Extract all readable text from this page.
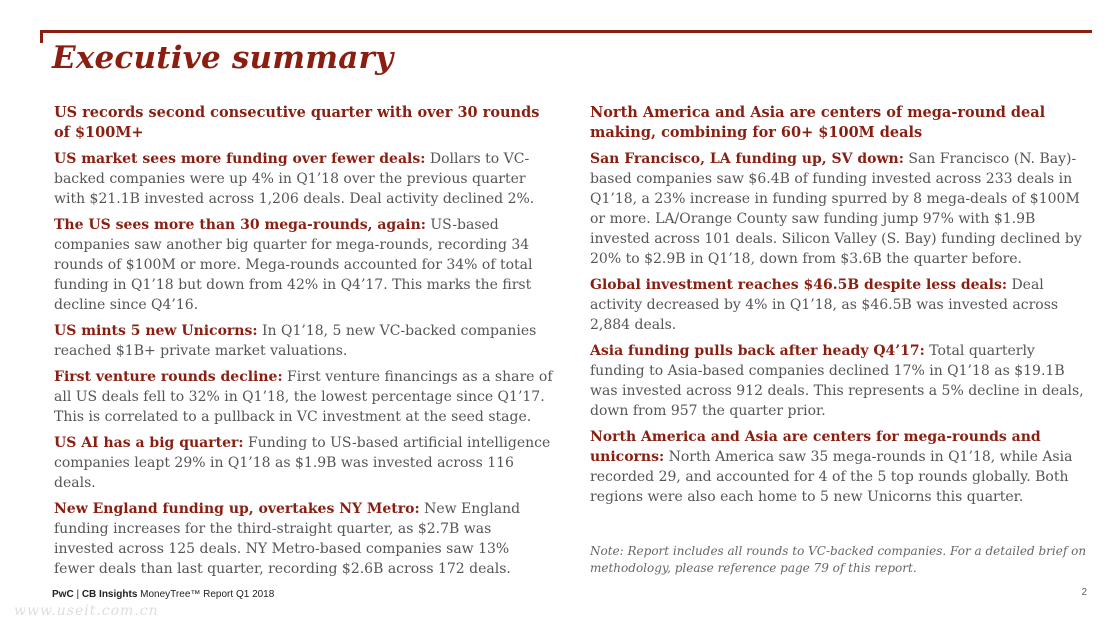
Executive summary
US records second consecutive quarter with over 30 rounds of $100M+
US market sees more funding over fewer deals: Dollars to VC-backed companies were up 4% in Q1’18 over the previous quarter with $21.1B invested across 1,206 deals. Deal activity declined 2%.
The US sees more than 30 mega-rounds, again: US-based companies saw another big quarter for mega-rounds, recording 34 rounds of $100M or more. Mega-rounds accounted for 34% of total funding in Q1’18 but down from 42% in Q4’17. This marks the first decline since Q4’16.
US mints 5 new Unicorns: In Q1’18, 5 new VC-backed companies reached $1B+ private market valuations.
First venture rounds decline: First venture financings as a share of all US deals fell to 32% in Q1’18, the lowest percentage since Q1’17. This is correlated to a pullback in VC investment at the seed stage.
US AI has a big quarter: Funding to US-based artificial intelligence companies leapt 29% in Q1’18 as $1.9B was invested across 116 deals.
New England funding up, overtakes NY Metro: New England funding increases for the third-straight quarter, as $2.7B was invested across 125 deals. NY Metro-based companies saw 13% fewer deals than last quarter, recording $2.6B across 172 deals.
North America and Asia are centers of mega-round deal making, combining for 60+ $100M deals
San Francisco, LA funding up, SV down: San Francisco (N. Bay)-based companies saw $6.4B of funding invested across 233 deals in Q1’18, a 23% increase in funding spurred by 8 mega-deals of $100M or more. LA/Orange County saw funding jump 97% with $1.9B invested across 101 deals. Silicon Valley (S. Bay) funding declined by 20% to $2.9B in Q1’18, down from $3.6B the quarter before.
Global investment reaches $46.5B despite less deals: Deal activity decreased by 4% in Q1’18, as $46.5B was invested across 2,884 deals.
Asia funding pulls back after heady Q4’17: Total quarterly funding to Asia-based companies declined 17% in Q1’18 as $19.1B was invested across 912 deals. This represents a 5% decline in deals, down from 957 the quarter prior.
North America and Asia are centers for mega-rounds and unicorns: North America saw 35 mega-rounds in Q1’18, while Asia recorded 29, and accounted for 4 of the 5 top rounds globally. Both regions were also each home to 5 new Unicorns this quarter.
Note: Report includes all rounds to VC-backed companies. For a detailed brief on methodology, please reference page 79 of this report.
PwC | CB Insights MoneyTree™ Report Q1 2018	2
www.useit.com.cn
